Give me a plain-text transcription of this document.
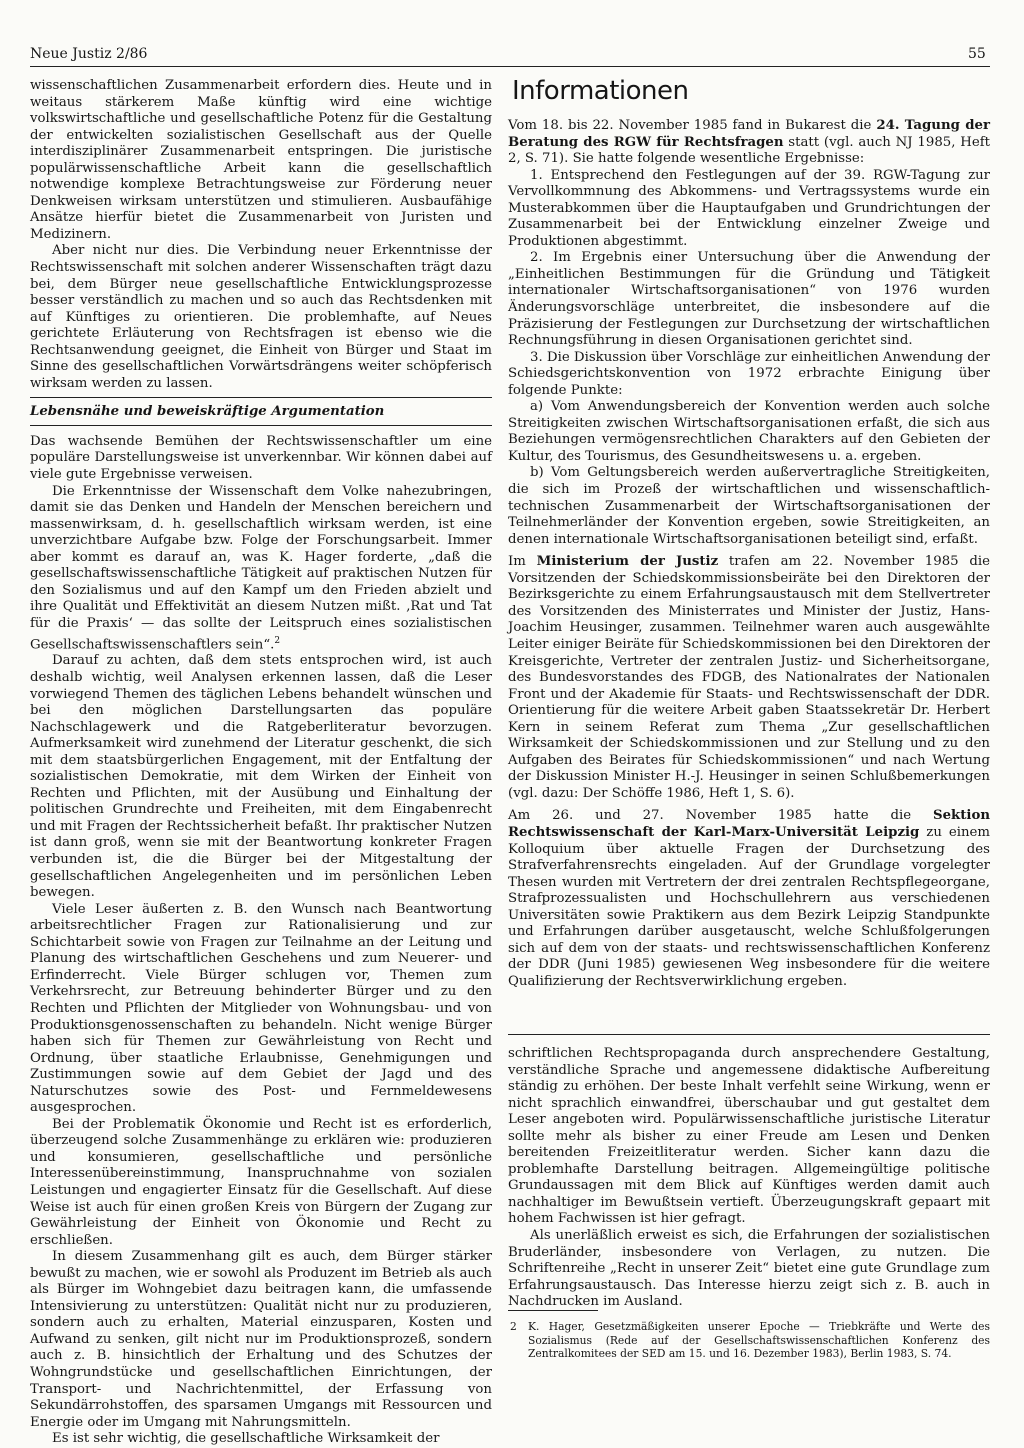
Neue Justiz 2/86	55

wissenschaftlichen Zusammenarbeit erfordern dies. Heute und in weitaus stärkerem Maße künftig wird eine wichtige volkswirtschaftliche und gesellschaftliche Potenz für die Gestaltung der entwickelten sozialistischen Gesellschaft aus der Quelle interdisziplinärer Zusammenarbeit entspringen. Die juristische populärwissenschaftliche Arbeit kann die gesellschaftlich notwendige komplexe Betrachtungsweise zur Förderung neuer Denkweisen wirksam unterstützen und stimulieren. Ausbaufähige Ansätze hierfür bietet die Zusammenarbeit von Juristen und Medizinern.

Aber nicht nur dies. Die Verbindung neuer Erkenntnisse der Rechtswissenschaft mit solchen anderer Wissenschaften trägt dazu bei, dem Bürger neue gesellschaftliche Entwicklungsprozesse besser verständlich zu machen und so auch das Rechtsdenken mit auf Künftiges zu orientieren. Die problemhafte, auf Neues gerichtete Erläuterung von Rechtsfragen ist ebenso wie die Rechtsanwendung geeignet, die Einheit von Bürger und Staat im Sinne des gesellschaftlichen Vorwärtsdrängens weiter schöpferisch wirksam werden zu lassen.

Lebensnähe und beweiskräftige Argumentation

Das wachsende Bemühen der Rechtswissenschaftler um eine populäre Darstellungsweise ist unverkennbar. Wir können dabei auf viele gute Ergebnisse verweisen.

Die Erkenntnisse der Wissenschaft dem Volke nahezubringen, damit sie das Denken und Handeln der Menschen bereichern und massenwirksam, d. h. gesellschaftlich wirksam werden, ist eine unverzichtbare Aufgabe bzw. Folge der Forschungsarbeit. Immer aber kommt es darauf an, was K. Hager forderte, „daß die gesellschaftswissenschaftliche Tätigkeit auf praktischen Nutzen für den Sozialismus und auf den Kampf um den Frieden abzielt und ihre Qualität und Effektivität an diesem Nutzen mißt. ‚Rat und Tat für die Praxis‘ — das sollte der Leitspruch eines sozialistischen Gesellschaftswissenschaftlers sein“.$^2$

Darauf zu achten, daß dem stets entsprochen wird, ist auch deshalb wichtig, weil Analysen erkennen lassen, daß die Leser vorwiegend Themen des täglichen Lebens behandelt wünschen und bei den möglichen Darstellungsarten das populäre Nachschlagewerk und die Ratgeberliteratur bevorzugen. Aufmerksamkeit wird zunehmend der Literatur geschenkt, die sich mit dem staatsbürgerlichen Engagement, mit der Entfaltung der sozialistischen Demokratie, mit dem Wirken der Einheit von Rechten und Pflichten, mit der Ausübung und Einhaltung der politischen Grundrechte und Freiheiten, mit dem Eingabenrecht und mit Fragen der Rechtssicherheit befaßt. Ihr praktischer Nutzen ist dann groß, wenn sie mit der Beantwortung konkreter Fragen verbunden ist, die die Bürger bei der Mitgestaltung der gesellschaftlichen Angelegenheiten und im persönlichen Leben bewegen.

Viele Leser äußerten z. B. den Wunsch nach Beantwortung arbeitsrechtlicher Fragen zur Rationalisierung und zur Schichtarbeit sowie von Fragen zur Teilnahme an der Leitung und Planung des wirtschaftlichen Geschehens und zum Neuerer- und Erfinderrecht. Viele Bürger schlugen vor, Themen zum Verkehrsrecht, zur Betreuung behinderter Bürger und zu den Rechten und Pflichten der Mitglieder von Wohnungsbau- und von Produktionsgenossenschaften zu behandeln. Nicht wenige Bürger haben sich für Themen zur Gewährleistung von Recht und Ordnung, über staatliche Erlaubnisse, Genehmigungen und Zustimmungen sowie auf dem Gebiet der Jagd und des Naturschutzes sowie des Post- und Fernmeldewesens ausgesprochen.

Bei der Problematik Ökonomie und Recht ist es erforderlich, überzeugend solche Zusammenhänge zu erklären wie: produzieren und konsumieren, gesellschaftliche und persönliche Interessenübereinstimmung, Inanspruchnahme von sozialen Leistungen und engagierter Einsatz für die Gesellschaft. Auf diese Weise ist auch für einen großen Kreis von Bürgern der Zugang zur Gewährleistung der Einheit von Ökonomie und Recht zu erschließen.

In diesem Zusammenhang gilt es auch, dem Bürger stärker bewußt zu machen, wie er sowohl als Produzent im Betrieb als auch als Bürger im Wohngebiet dazu beitragen kann, die umfassende Intensivierung zu unterstützen: Qualität nicht nur zu produzieren, sondern auch zu erhalten, Material einzusparen, Kosten und Aufwand zu senken, gilt nicht nur im Produktionsprozeß, sondern auch z. B. hinsichtlich der Erhaltung und des Schutzes der Wohngrundstücke und gesellschaftlichen Einrichtungen, der Transport- und Nachrichtenmittel, der Erfassung von Sekundärrohstoffen, des sparsamen Umgangs mit Ressourcen und Energie oder im Umgang mit Nahrungsmitteln.

Es ist sehr wichtig, die gesellschaftliche Wirksamkeit der

Informationen

Vom 18. bis 22. November 1985 fand in Bukarest die 24. Tagung der Beratung des RGW für Rechtsfragen statt (vgl. auch NJ 1985, Heft 2, S. 71). Sie hatte folgende wesentliche Ergebnisse:

1. Entsprechend den Festlegungen auf der 39. RGW-Tagung zur Vervollkommnung des Abkommens- und Vertragssystems wurde ein Musterabkommen über die Hauptaufgaben und Grundrichtungen der Zusammenarbeit bei der Entwicklung einzelner Zweige und Produktionen abgestimmt.

2. Im Ergebnis einer Untersuchung über die Anwendung der „Einheitlichen Bestimmungen für die Gründung und Tätigkeit internationaler Wirtschaftsorganisationen“ von 1976 wurden Änderungsvorschläge unterbreitet, die insbesondere auf die Präzisierung der Festlegungen zur Durchsetzung der wirtschaftlichen Rechnungsführung in diesen Organisationen gerichtet sind.

3. Die Diskussion über Vorschläge zur einheitlichen Anwendung der Schiedsgerichtskonvention von 1972 erbrachte Einigung über folgende Punkte:

a) Vom Anwendungsbereich der Konvention werden auch solche Streitigkeiten zwischen Wirtschaftsorganisationen erfaßt, die sich aus Beziehungen vermögensrechtlichen Charakters auf den Gebieten der Kultur, des Tourismus, des Gesundheitswesens u. a. ergeben.

b) Vom Geltungsbereich werden außervertragliche Streitigkeiten, die sich im Prozeß der wirtschaftlichen und wissenschaftlich-technischen Zusammenarbeit der Wirtschaftsorganisationen der Teilnehmerländer der Konvention ergeben, sowie Streitigkeiten, an denen internationale Wirtschaftsorganisationen beteiligt sind, erfaßt.

Im Ministerium der Justiz trafen am 22. November 1985 die Vorsitzenden der Schiedskommissionsbeiräte bei den Direktoren der Bezirksgerichte zu einem Erfahrungsaustausch mit dem Stellvertreter des Vorsitzenden des Ministerrates und Minister der Justiz, Hans-Joachim Heusinger, zusammen. Teilnehmer waren auch ausgewählte Leiter einiger Beiräte für Schiedskommissionen bei den Direktoren der Kreisgerichte, Vertreter der zentralen Justiz- und Sicherheitsorgane, des Bundesvorstandes des FDGB, des Nationalrates der Nationalen Front und der Akademie für Staats- und Rechtswissenschaft der DDR. Orientierung für die weitere Arbeit gaben Staatssekretär Dr. Herbert Kern in seinem Referat zum Thema „Zur gesellschaftlichen Wirksamkeit der Schiedskommissionen und zur Stellung und zu den Aufgaben des Beirates für Schiedskommissionen“ und nach Wertung der Diskussion Minister H.-J. Heusinger in seinen Schlußbemerkungen (vgl. dazu: Der Schöffe 1986, Heft 1, S. 6).

Am 26. und 27. November 1985 hatte die Sektion Rechtswissenschaft der Karl-Marx-Universität Leipzig zu einem Kolloquium über aktuelle Fragen der Durchsetzung des Strafverfahrensrechts eingeladen. Auf der Grundlage vorgelegter Thesen wurden mit Vertretern der drei zentralen Rechtspflegeorgane, Strafprozessualisten und Hochschullehrern aus verschiedenen Universitäten sowie Praktikern aus dem Bezirk Leipzig Standpunkte und Erfahrungen darüber ausgetauscht, welche Schlußfolgerungen sich auf dem von der staats- und rechtswissenschaftlichen Konferenz der DDR (Juni 1985) gewiesenen Weg insbesondere für die weitere Qualifizierung der Rechtsverwirklichung ergeben.

schriftlichen Rechtspropaganda durch ansprechendere Gestaltung, verständliche Sprache und angemessene didaktische Aufbereitung ständig zu erhöhen. Der beste Inhalt verfehlt seine Wirkung, wenn er nicht sprachlich einwandfrei, überschaubar und gut gestaltet dem Leser angeboten wird. Populärwissenschaftliche juristische Literatur sollte mehr als bisher zu einer Freude am Lesen und Denken bereitenden Freizeitliteratur werden. Sicher kann dazu die problemhafte Darstellung beitragen. Allgemeingültige politische Grundaussagen mit dem Blick auf Künftiges werden damit auch nachhaltiger im Bewußtsein vertieft. Überzeugungskraft gepaart mit hohem Fachwissen ist hier gefragt.

Als unerläßlich erweist es sich, die Erfahrungen der sozialistischen Bruderländer, insbesondere von Verlagen, zu nutzen. Die Schriftenreihe „Recht in unserer Zeit“ bietet eine gute Grundlage zum Erfahrungsaustausch. Das Interesse hierzu zeigt sich z. B. auch in Nachdrucken im Ausland.

2 K. Hager, Gesetzmäßigkeiten unserer Epoche — Triebkräfte und Werte des Sozialismus (Rede auf der Gesellschaftswissenschaftlichen Konferenz des Zentralkomitees der SED am 15. und 16. Dezember 1983), Berlin 1983, S. 74.
